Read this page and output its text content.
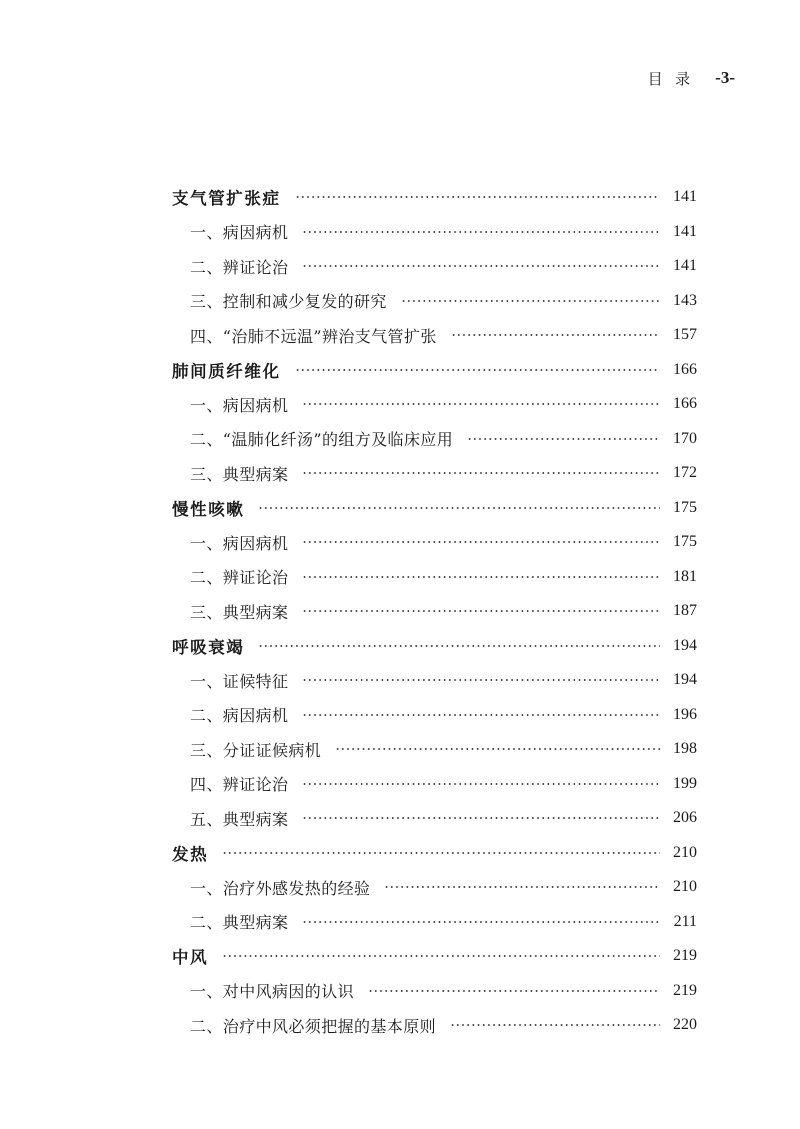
目  录 -3-
支气管扩张症	141
一、病因病机	141
二、辨证论治	141
三、控制和减少复发的研究	143
四、“治肺不远温”辨治支气管扩张	157
肺间质纤维化	166
一、病因病机	166
二、“温肺化纤汤”的组方及临床应用	170
三、典型病案	172
慢性咳嗽	175
一、病因病机	175
二、辨证论治	181
三、典型病案	187
呼吸衰竭	194
一、证候特征	194
二、病因病机	196
三、分证证候病机	198
四、辨证论治	199
五、典型病案	206
发热	210
一、治疗外感发热的经验	210
二、典型病案	211
中风	219
一、对中风病因的认识	219
二、治疗中风必须把握的基本原则	220
